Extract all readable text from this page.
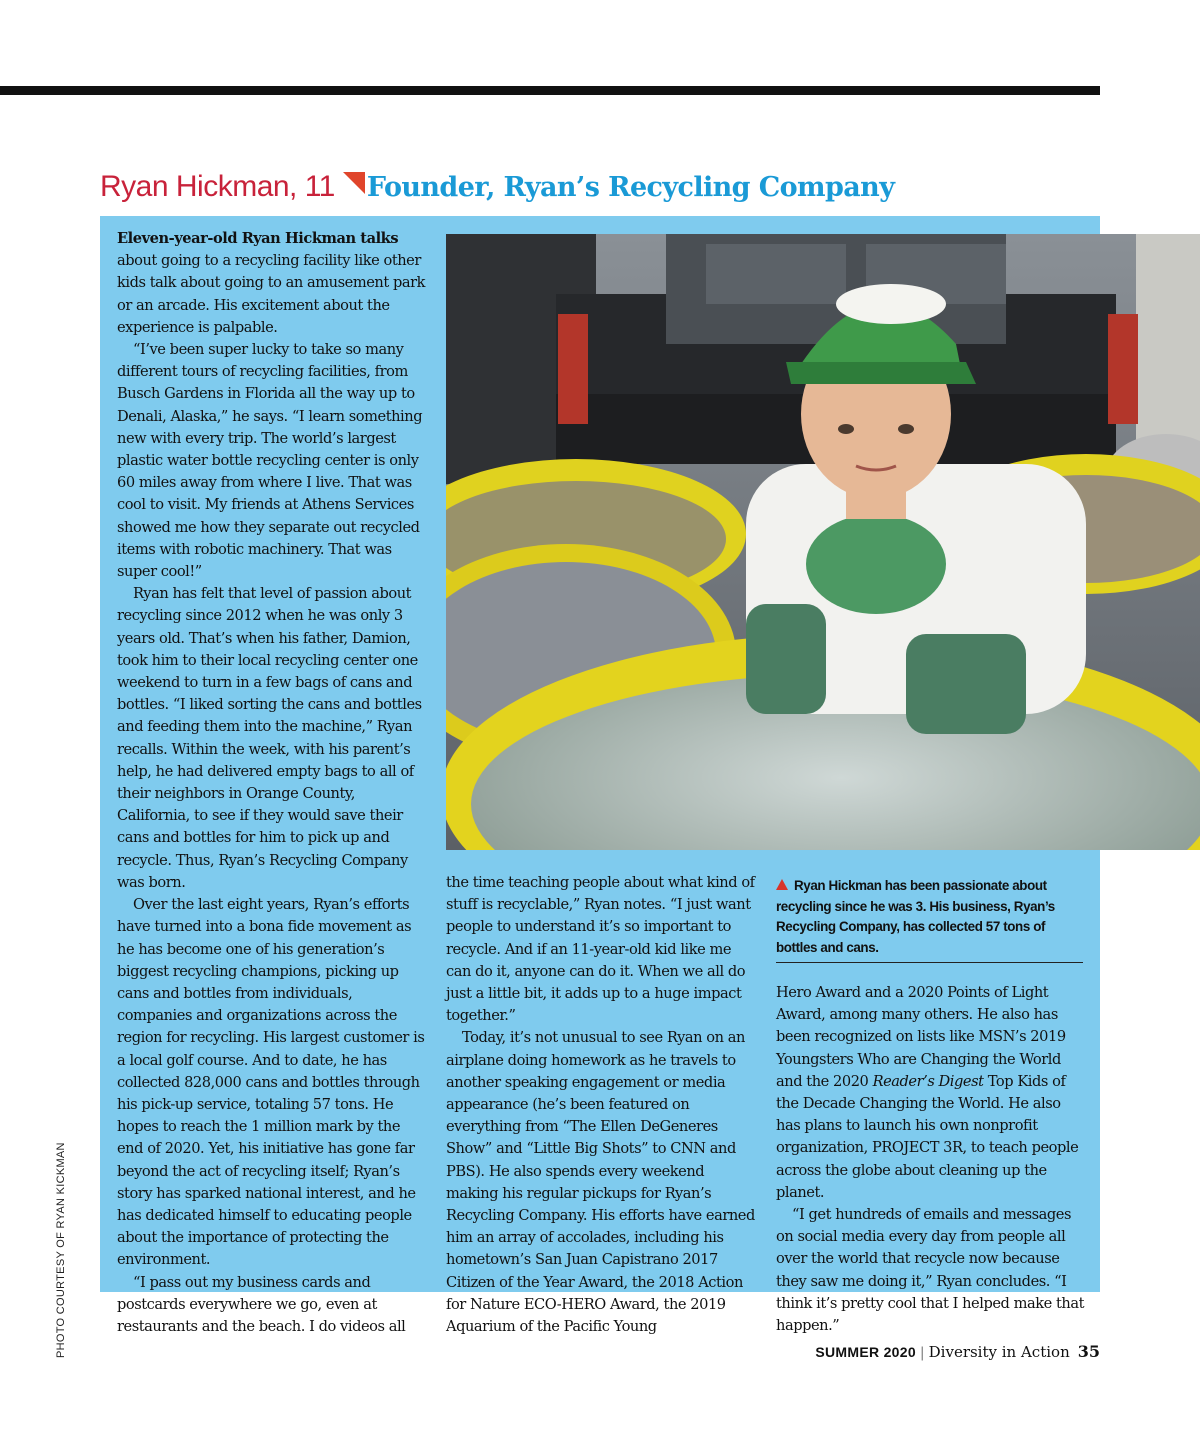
Ryan Hickman, 11 Founder, Ryan’s Recycling Company

Eleven-year-old Ryan Hickman talks about going to a recycling facility like other kids talk about going to an amusement park or an arcade. His excitement about the experience is palpable.

“I’ve been super lucky to take so many different tours of recycling facilities, from Busch Gardens in Florida all the way up to Denali, Alaska,” he says. “I learn something new with every trip. The world’s largest plastic water bottle recycling center is only 60 miles away from where I live. That was cool to visit. My friends at Athens Services showed me how they separate out recycled items with robotic machinery. That was super cool!”

Ryan has felt that level of passion about recycling since 2012 when he was only 3 years old. That’s when his father, Damion, took him to their local recycling center one weekend to turn in a few bags of cans and bottles. “I liked sorting the cans and bottles and feeding them into the machine,” Ryan recalls. Within the week, with his parent’s help, he had delivered empty bags to all of their neighbors in Orange County, California, to see if they would save their cans and bottles for him to pick up and recycle. Thus, Ryan’s Recycling Company was born.

Over the last eight years, Ryan’s efforts have turned into a bona fide movement as he has become one of his generation’s biggest recycling champions, picking up cans and bottles from individuals, companies and organizations across the region for recycling. His largest customer is a local golf course. And to date, he has collected 828,000 cans and bottles through his pick-up service, totaling 57 tons. He hopes to reach the 1 million mark by the end of 2020. Yet, his initiative has gone far beyond the act of recycling itself; Ryan’s story has sparked national interest, and he has dedicated himself to educating people about the importance of protecting the environment.

“I pass out my business cards and postcards everywhere we go, even at restaurants and the beach. I do videos all

the time teaching people about what kind of stuff is recyclable,” Ryan notes. “I just want people to understand it’s so important to recycle. And if an 11-year-old kid like me can do it, anyone can do it. When we all do just a little bit, it adds up to a huge impact together.”

Today, it’s not unusual to see Ryan on an airplane doing homework as he travels to another speaking engagement or media appearance (he’s been featured on everything from “The Ellen DeGeneres Show” and “Little Big Shots” to CNN and PBS). He also spends every weekend making his regular pickups for Ryan’s Recycling Company. His efforts have earned him an array of accolades, including his hometown’s San Juan Capistrano 2017 Citizen of the Year Award, the 2018 Action for Nature ECO-HERO Award, the 2019 Aquarium of the Pacific Young

Ryan Hickman has been passionate about recycling since he was 3. His business, Ryan’s Recycling Company, has collected 57 tons of bottles and cans.

Hero Award and a 2020 Points of Light Award, among many others. He also has been recognized on lists like MSN’s 2019 Youngsters Who are Changing the World and the 2020 Reader’s Digest Top Kids of the Decade Changing the World. He also has plans to launch his own nonprofit organization, PROJECT 3R, to teach people across the globe about cleaning up the planet.

“I get hundreds of emails and messages on social media every day from people all over the world that recycle now because they saw me doing it,” Ryan concludes. “I think it’s pretty cool that I helped make that happen.”

PHOTO COURTESY OF RYAN KICKMAN	SUMMER 2020 | Diversity in Action 35
